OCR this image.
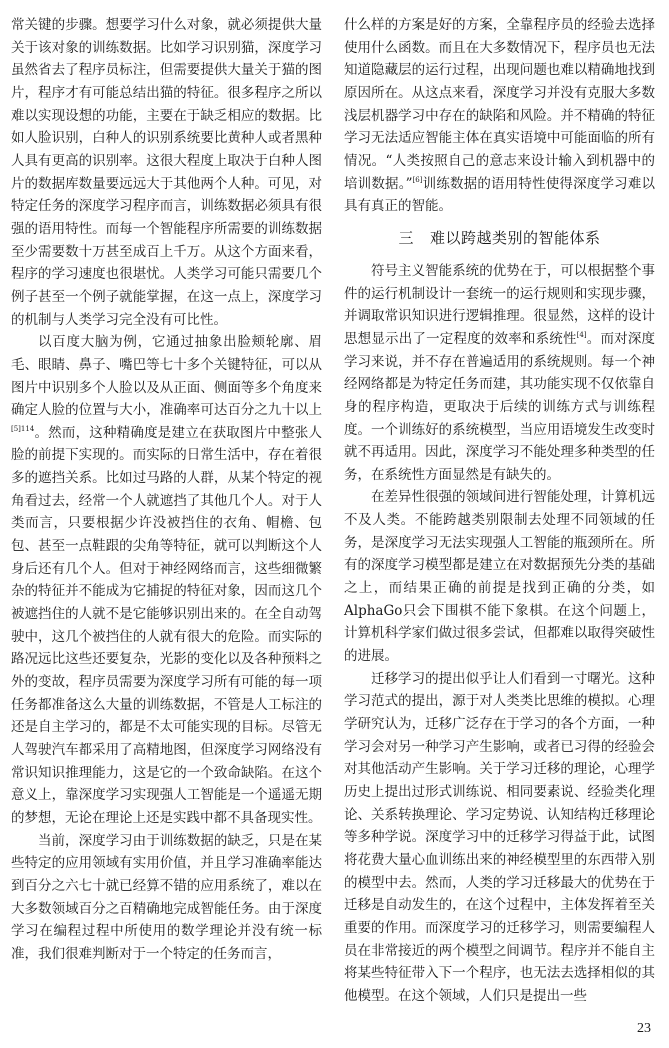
常关键的步骤。想要学习什么对象，就必须提供大量关于该对象的训练数据。比如学习识别猫，深度学习虽然省去了程序员标注，但需要提供大量关于猫的图片，程序才有可能总结出猫的特征。很多程序之所以难以实现设想的功能，主要在于缺乏相应的数据。比如人脸识别，白种人的识别系统要比黄种人或者黑种人具有更高的识别率。这很大程度上取决于白种人图片的数据库数量要远远大于其他两个人种。可见，对特定任务的深度学习程序而言，训练数据必须具有很强的语用特性。而每一个智能程序所需要的训练数据至少需要数十万甚至成百上千万。从这个方面来看，程序的学习速度也很堪忧。人类学习可能只需要几个例子甚至一个例子就能掌握，在这一点上，深度学习的机制与人类学习完全没有可比性。

以百度大脑为例，它通过抽象出脸颊轮廓、眉毛、眼睛、鼻子、嘴巴等七十多个关键特征，可以从图片中识别多个人脸以及从正面、侧面等多个角度来确定人脸的位置与大小，准确率可达百分之九十以上$^{[5]114}$。然而，这种精确度是建立在获取图片中整张人脸的前提下实现的。而实际的日常生活中，存在着很多的遮挡关系。比如过马路的人群，从某个特定的视角看过去，经常一个人就遮挡了其他几个人。对于人类而言，只要根据少许没被挡住的衣角、帽檐、包包、甚至一点鞋跟的尖角等特征，就可以判断这个人身后还有几个人。但对于神经网络而言，这些细微繁杂的特征并不能成为它捕捉的特征对象，因而这几个被遮挡住的人就不是它能够识别出来的。在全自动驾驶中，这几个被挡住的人就有很大的危险。而实际的路况远比这些还要复杂，光影的变化以及各种预料之外的变故，程序员需要为深度学习所有可能的每一项任务都准备这么大量的训练数据，不管是人工标注的还是自主学习的，都是不太可能实现的目标。尽管无人驾驶汽车都采用了高精地图，但深度学习网络没有常识知识推理能力，这是它的一个致命缺陷。在这个意义上，靠深度学习实现强人工智能是一个遥遥无期的梦想，无论在理论上还是实践中都不具备现实性。

当前，深度学习由于训练数据的缺乏，只是在某些特定的应用领域有实用价值，并且学习准确率能达到百分之六七十就已经算不错的应用系统了，难以在大多数领域百分之百精确地完成智能任务。由于深度学习在编程过程中所使用的数学理论并没有统一标准，我们很难判断对于一个特定的任务而言，

什么样的方案是好的方案，全靠程序员的经验去选择使用什么函数。而且在大多数情况下，程序员也无法知道隐藏层的运行过程，出现问题也难以精确地找到原因所在。从这点来看，深度学习并没有克服大多数浅层机器学习中存在的缺陷和风险。并不精确的特征学习无法适应智能主体在真实语境中可能面临的所有情况。“人类按照自己的意志来设计输入到机器中的培训数据。”[6]训练数据的语用特性使得深度学习难以具有真正的智能。

三 难以跨越类别的智能体系

符号主义智能系统的优势在于，可以根据整个事件的运行机制设计一套统一的运行规则和实现步骤，并调取常识知识进行逻辑推理。很显然，这样的设计思想显示出了一定程度的效率和系统性[4]。而对深度学习来说，并不存在普遍适用的系统规则。每一个神经网络都是为特定任务而建，其功能实现不仅依靠自身的程序构造，更取决于后续的训练方式与训练程度。一个训练好的系统模型，当应用语境发生改变时就不再适用。因此，深度学习不能处理多种类型的任务，在系统性方面显然是有缺失的。

在差异性很强的领域间进行智能处理，计算机远不及人类。不能跨越类别限制去处理不同领域的任务，是深度学习无法实现强人工智能的瓶颈所在。所有的深度学习模型都是建立在对数据预先分类的基础之上，而结果正确的前提是找到正确的分类，如AlphaGo只会下围棋不能下象棋。在这个问题上，计算机科学家们做过很多尝试，但都难以取得突破性的进展。

迁移学习的提出似乎让人们看到一寸曙光。这种学习范式的提出，源于对人类类比思维的模拟。心理学研究认为，迁移广泛存在于学习的各个方面，一种学习会对另一种学习产生影响，或者已习得的经验会对其他活动产生影响。关于学习迁移的理论，心理学历史上提出过形式训练说、相同要素说、经验类化理论、关系转换理论、学习定势说、认知结构迁移理论等多种学说。深度学习中的迁移学习得益于此，试图将花费大量心血训练出来的神经模型里的东西带入别的模型中去。然而，人类的学习迁移最大的优势在于迁移是自动发生的，在这个过程中，主体发挥着至关重要的作用。而深度学习的迁移学习，则需要编程人员在非常接近的两个模型之间调节。程序并不能自主将某些特征带入下一个程序，也无法去选择相似的其他模型。在这个领域，人们只是提出一些

23
